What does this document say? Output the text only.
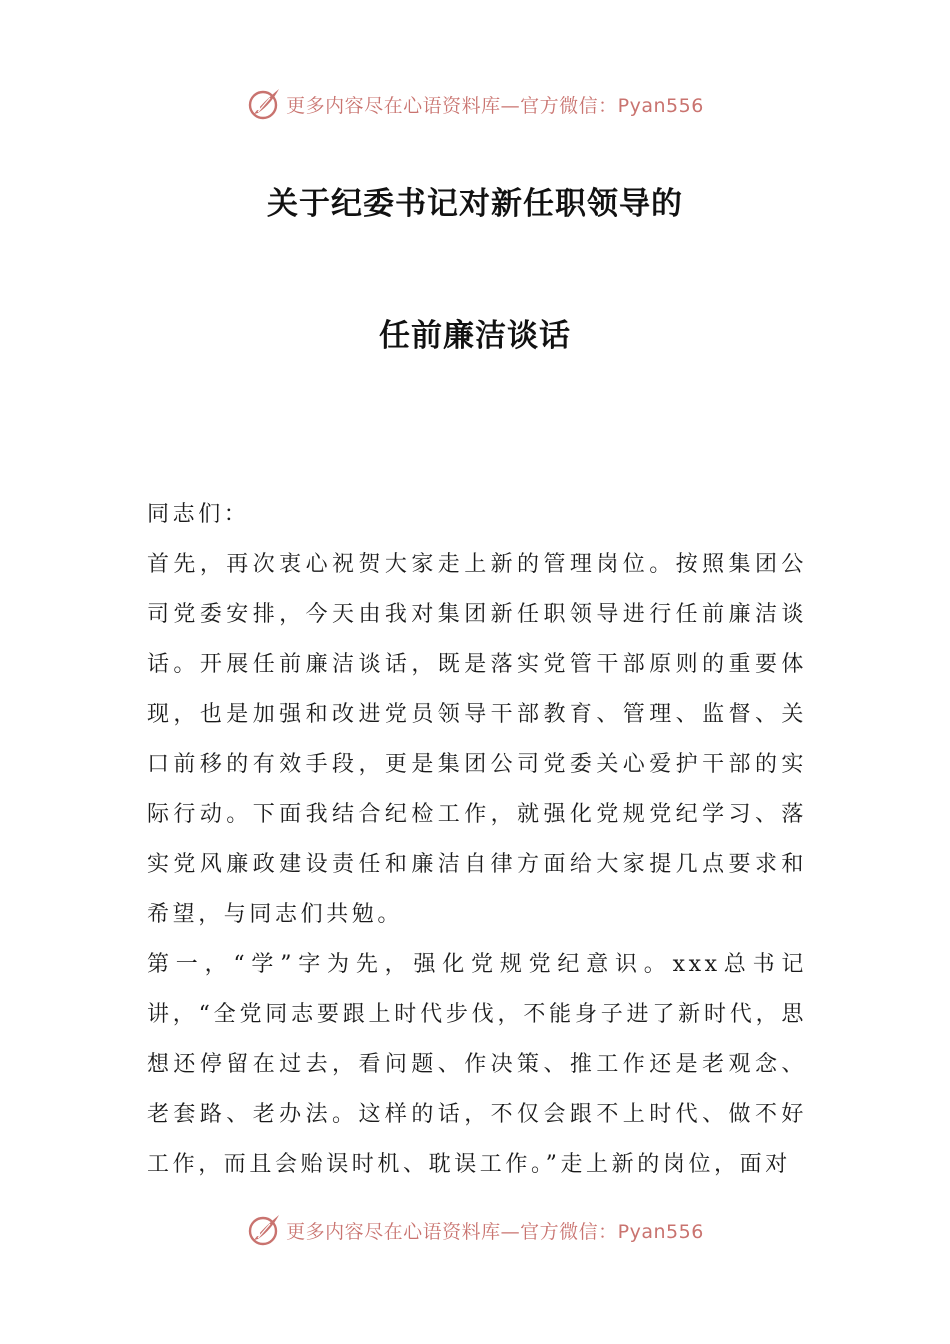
更多内容尽在心语资料库—官方微信：Pyan556
关于纪委书记对新任职领导的
任前廉洁谈话

同志们：

首先，再次衷心祝贺大家走上新的管理岗位。按照集团公司党委安排，今天由我对集团新任职领导进行任前廉洁谈话。开展任前廉洁谈话，既是落实党管干部原则的重要体现，也是加强和改进党员领导干部教育、管理、监督、关口前移的有效手段，更是集团公司党委关心爱护干部的实际行动。下面我结合纪检工作，就强化党规党纪学习、落实党风廉政建设责任和廉洁自律方面给大家提几点要求和希望，与同志们共勉。

第一，“学”字为先，强化党规党纪意识。xxx总书记讲，“全党同志要跟上时代步伐，不能身子进了新时代，思想还停留在过去，看问题、作决策、推工作还是老观念、老套路、老办法。这样的话，不仅会跟不上时代、做不好工作，而且会贻误时机、耽误工作。”走上新的岗位，面对

更多内容尽在心语资料库—官方微信：Pyan556
